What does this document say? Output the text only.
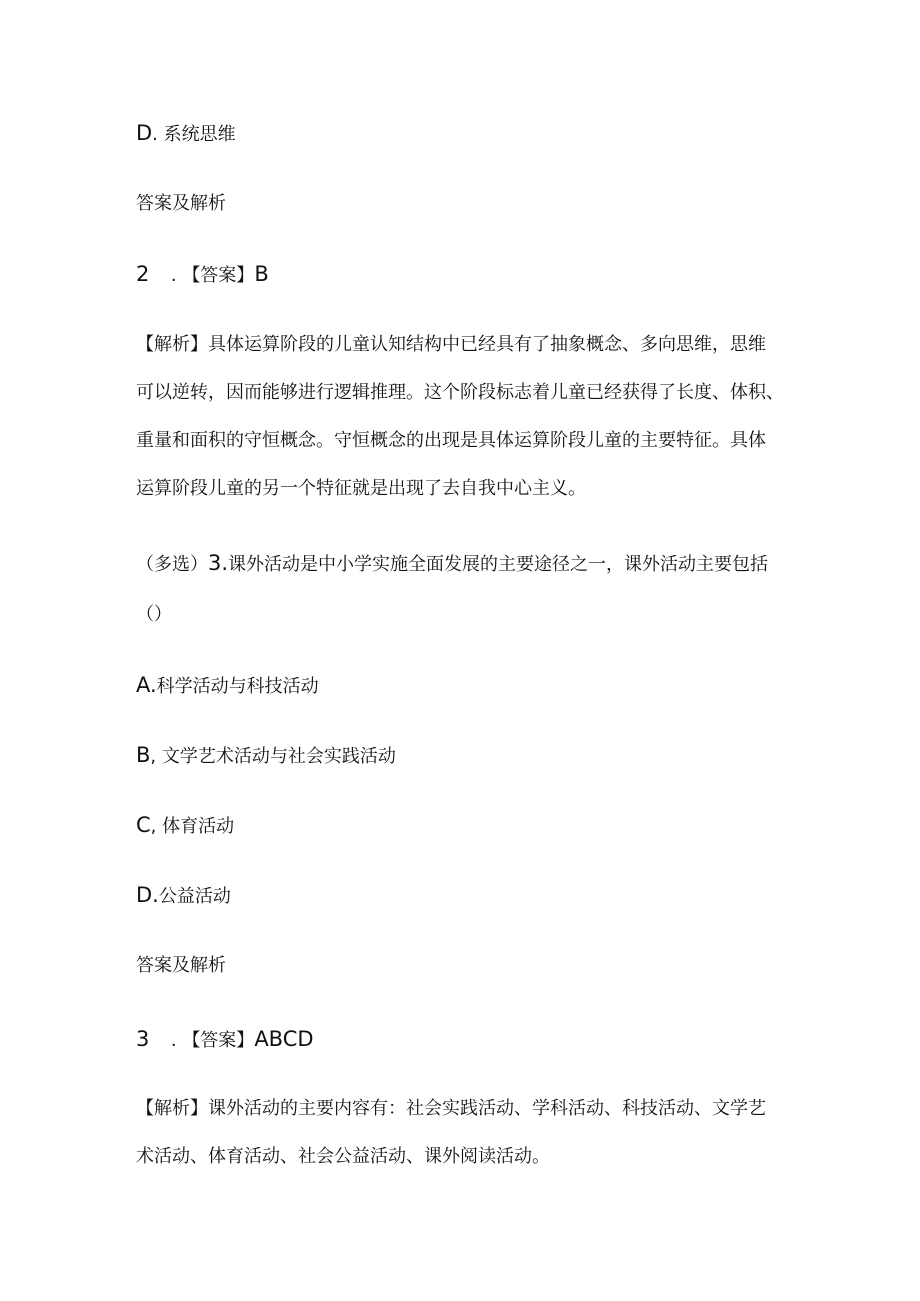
D. 系统思维

答案及解析

2 . 【答案】B

【解析】具体运算阶段的儿童认知结构中已经具有了抽象概念、多向思维，思维
可以逆转，因而能够进行逻辑推理。这个阶段标志着儿童已经获得了长度、体积、
重量和面积的守恒概念。守恒概念的出现是具体运算阶段儿童的主要特征。具体
运算阶段儿童的另一个特征就是出现了去自我中心主义。

（多选）3.课外活动是中小学实施全面发展的主要途径之一，课外活动主要包括

（）

A.科学活动与科技活动

B, 文学艺术活动与社会实践活动

C, 体育活动

D.公益活动

答案及解析

3 . 【答案】ABCD

【解析】课外活动的主要内容有：社会实践活动、学科活动、科技活动、文学艺
术活动、体育活动、社会公益活动、课外阅读活动。
